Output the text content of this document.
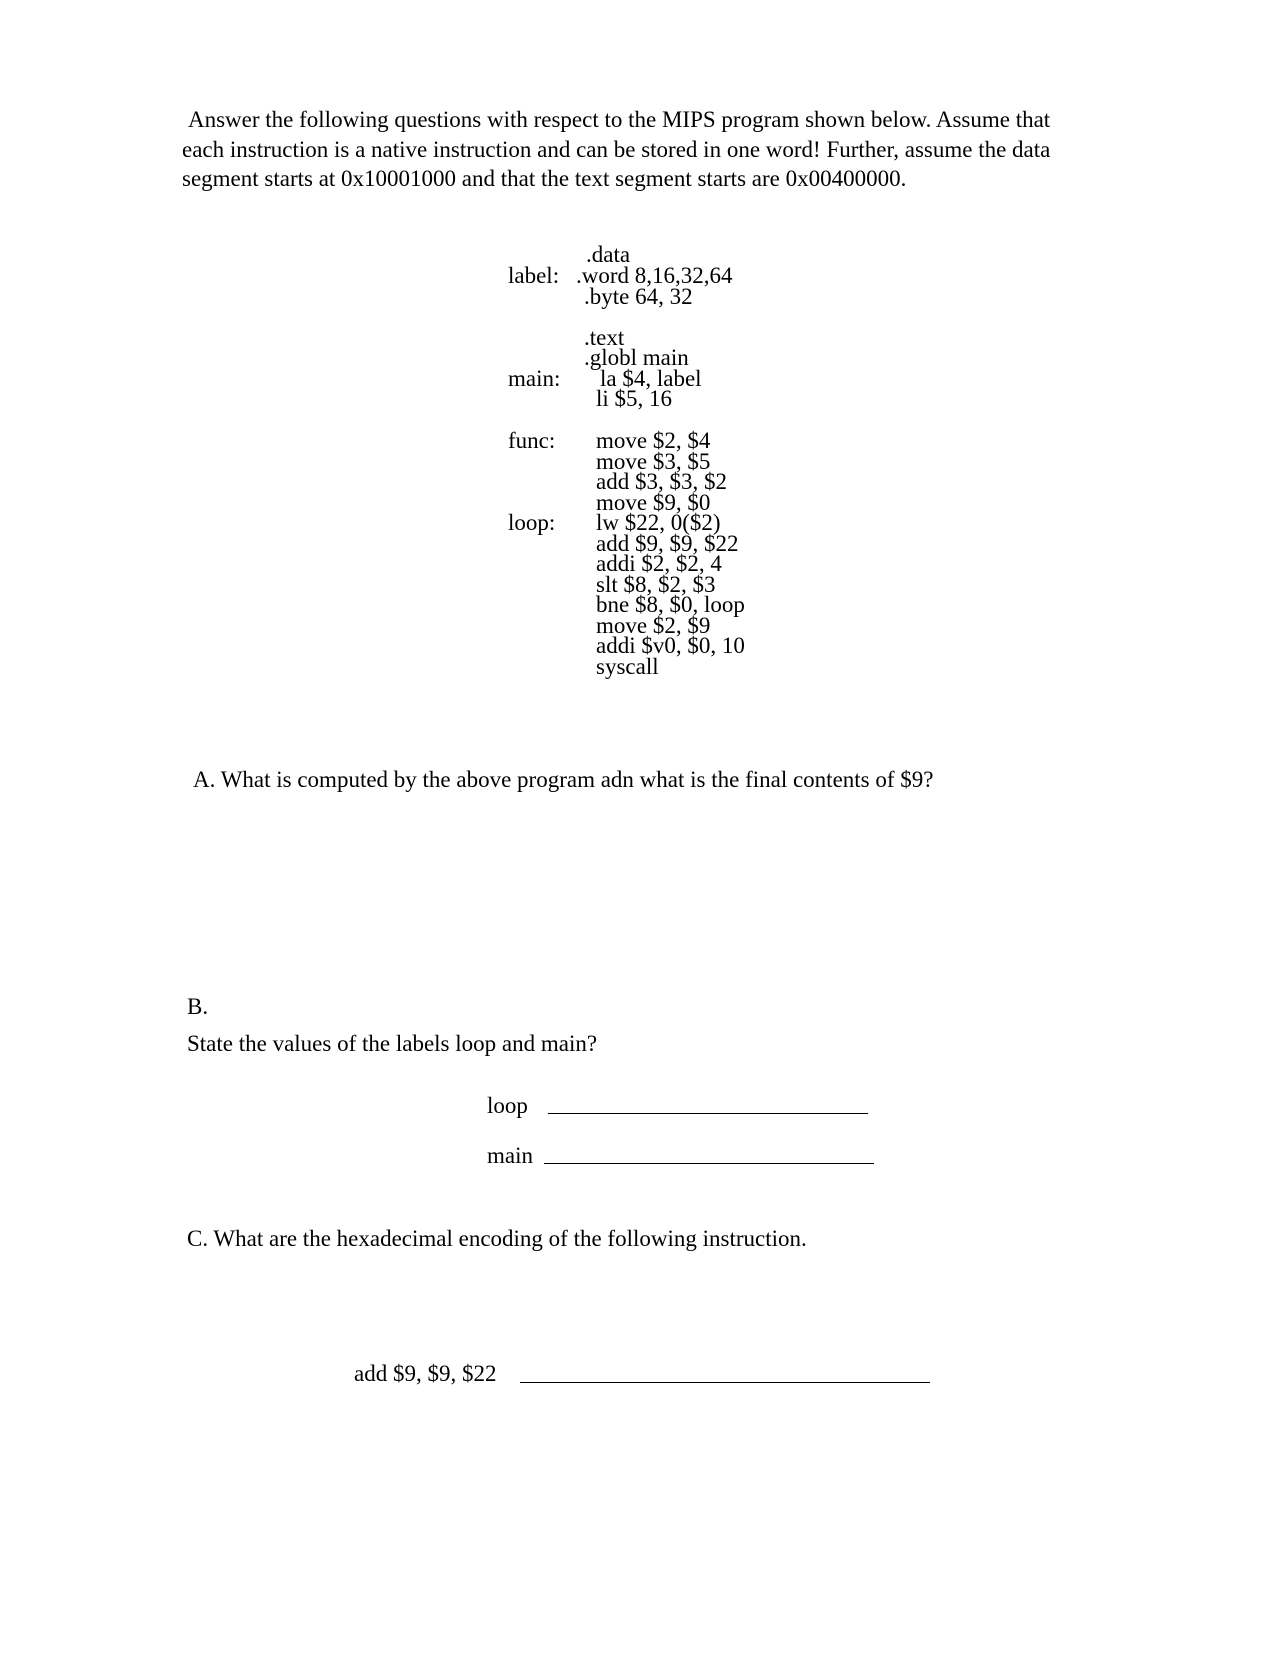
Answer the following questions with respect to the MIPS program shown below. Assume that
each instruction is a native instruction and can be stored in one word! Further, assume the data
segment starts at 0x10001000 and that the text segment starts are 0x00400000.
.data
label: .word 8,16,32,64
.byte 64, 32
.text
.globl main
main: la $4, label
li $5, 16
func:
loop:
move $2, $4
move $3, $5
add $3, $3, $2
move $9, $0
lw $22, 0($2)
add $9, $9, $22
addi $2, $2, 4
slt $8, $2, $3
bne $8, $0, loop
move $2, $9
addi $v0, $0, 10
syscall
A. What is computed by the above program adn what is the final contents of $9?
B.
State the values of the labels loop and main?
loop
main
C. What are the hexadecimal encoding of the following instruction.
add $9, $9, $22
